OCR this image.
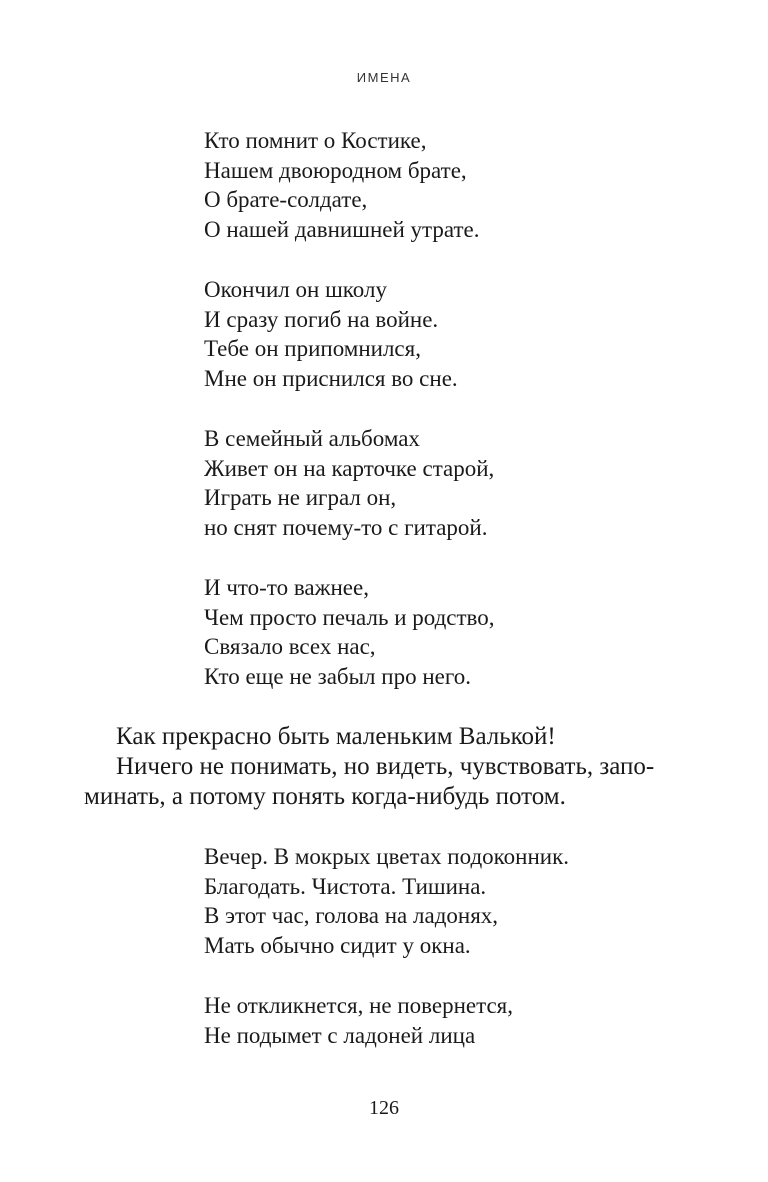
ИМЕНА
Кто помнит о Костике,
Нашем двоюродном брате,
О брате-солдате,
О нашей давнишней утрате.
Окончил он школу
И сразу погиб на войне.
Тебе он припомнился,
Мне он приснился во сне.
В семейный альбомах
Живет он на карточке старой,
Играть не играл он,
но снят почему-то с гитарой.
И что-то важнее,
Чем просто печаль и родство,
Связало всех нас,
Кто еще не забыл про него.
Как прекрасно быть маленьким Валькой!
Ничего не понимать, но видеть, чувствовать, запо-
минать, а потому понять когда-нибудь потом.
Вечер. В мокрых цветах подоконник.
Благодать. Чистота. Тишина.
В этот час, голова на ладонях,
Мать обычно сидит у окна.
Не откликнется, не повернется,
Не подымет с ладоней лица
126
